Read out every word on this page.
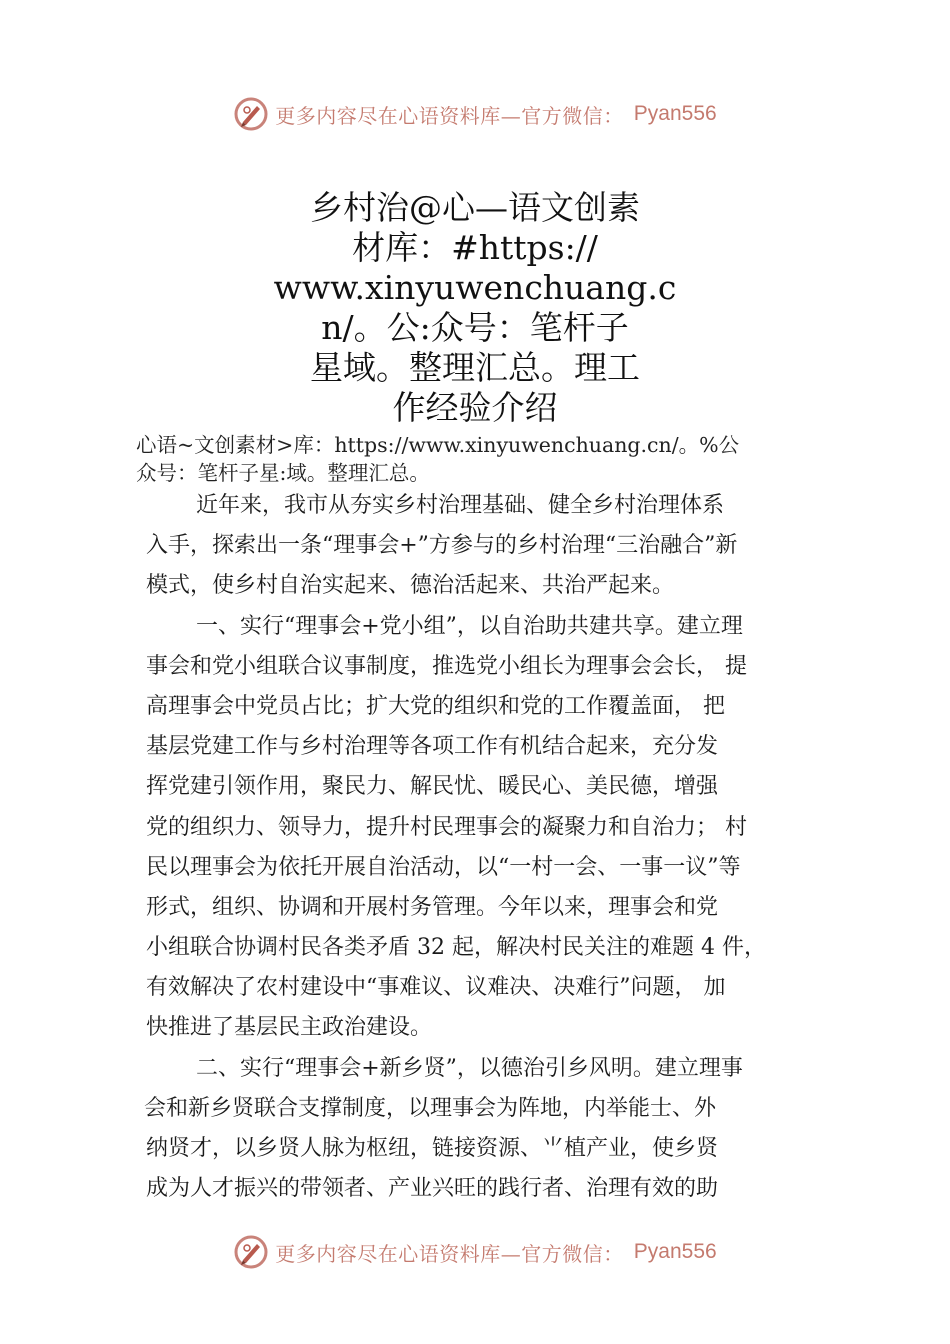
更多内容尽在心语资料库—官方微信： Pyan556
乡村治@心—语文创素
材库：#https://
www.xinyuwenchuang.c
n/。公:众号：笔杆子
星域。整理汇总。理工
作经验介绍
心语~文创素材>库：https://www.xinyuwenchuang.cn/。%公
众号：笔杆子星:域。整理汇总。
近年来，我市从夯实乡村治理基础、健全乡村治理体系
入手，探索出一条“理事会+”方参与的乡村治理“三治融合”新
模式，使乡村自治实起来、德治活起来、共治严起来。
一、实行“理事会+党小组”，以自治助共建共享。建立理
事会和党小组联合议事制度，推选党小组长为理事会会长， 提
高理事会中党员占比；扩大党的组织和党的工作覆盖面， 把
基层党建工作与乡村治理等各项工作有机结合起来，充分发
挥党建引领作用，聚民力、解民忧、暖民心、美民德，增强
党的组织力、领导力，提升村民理事会的凝聚力和自治力； 村
民以理事会为依托开展自治活动，以“一村一会、一事一议”等
形式，组织、协调和开展村务管理。今年以来，理事会和党
小组联合协调村民各类矛盾 32 起，解决村民关注的难题 4 件，
有效解决了农村建设中“事难议、议难决、决难行”问题， 加
快推进了基层民主政治建设。
二、实行“理事会+新乡贤”，以德治引乡风明。建立理事
会和新乡贤联合支撑制度，以理事会为阵地，内举能士、外
纳贤才，以乡贤人脉为枢纽，链接资源、⺌植产业，使乡贤
成为人才振兴的带领者、产业兴旺的践行者、治理有效的助
更多内容尽在心语资料库—官方微信： Pyan556
